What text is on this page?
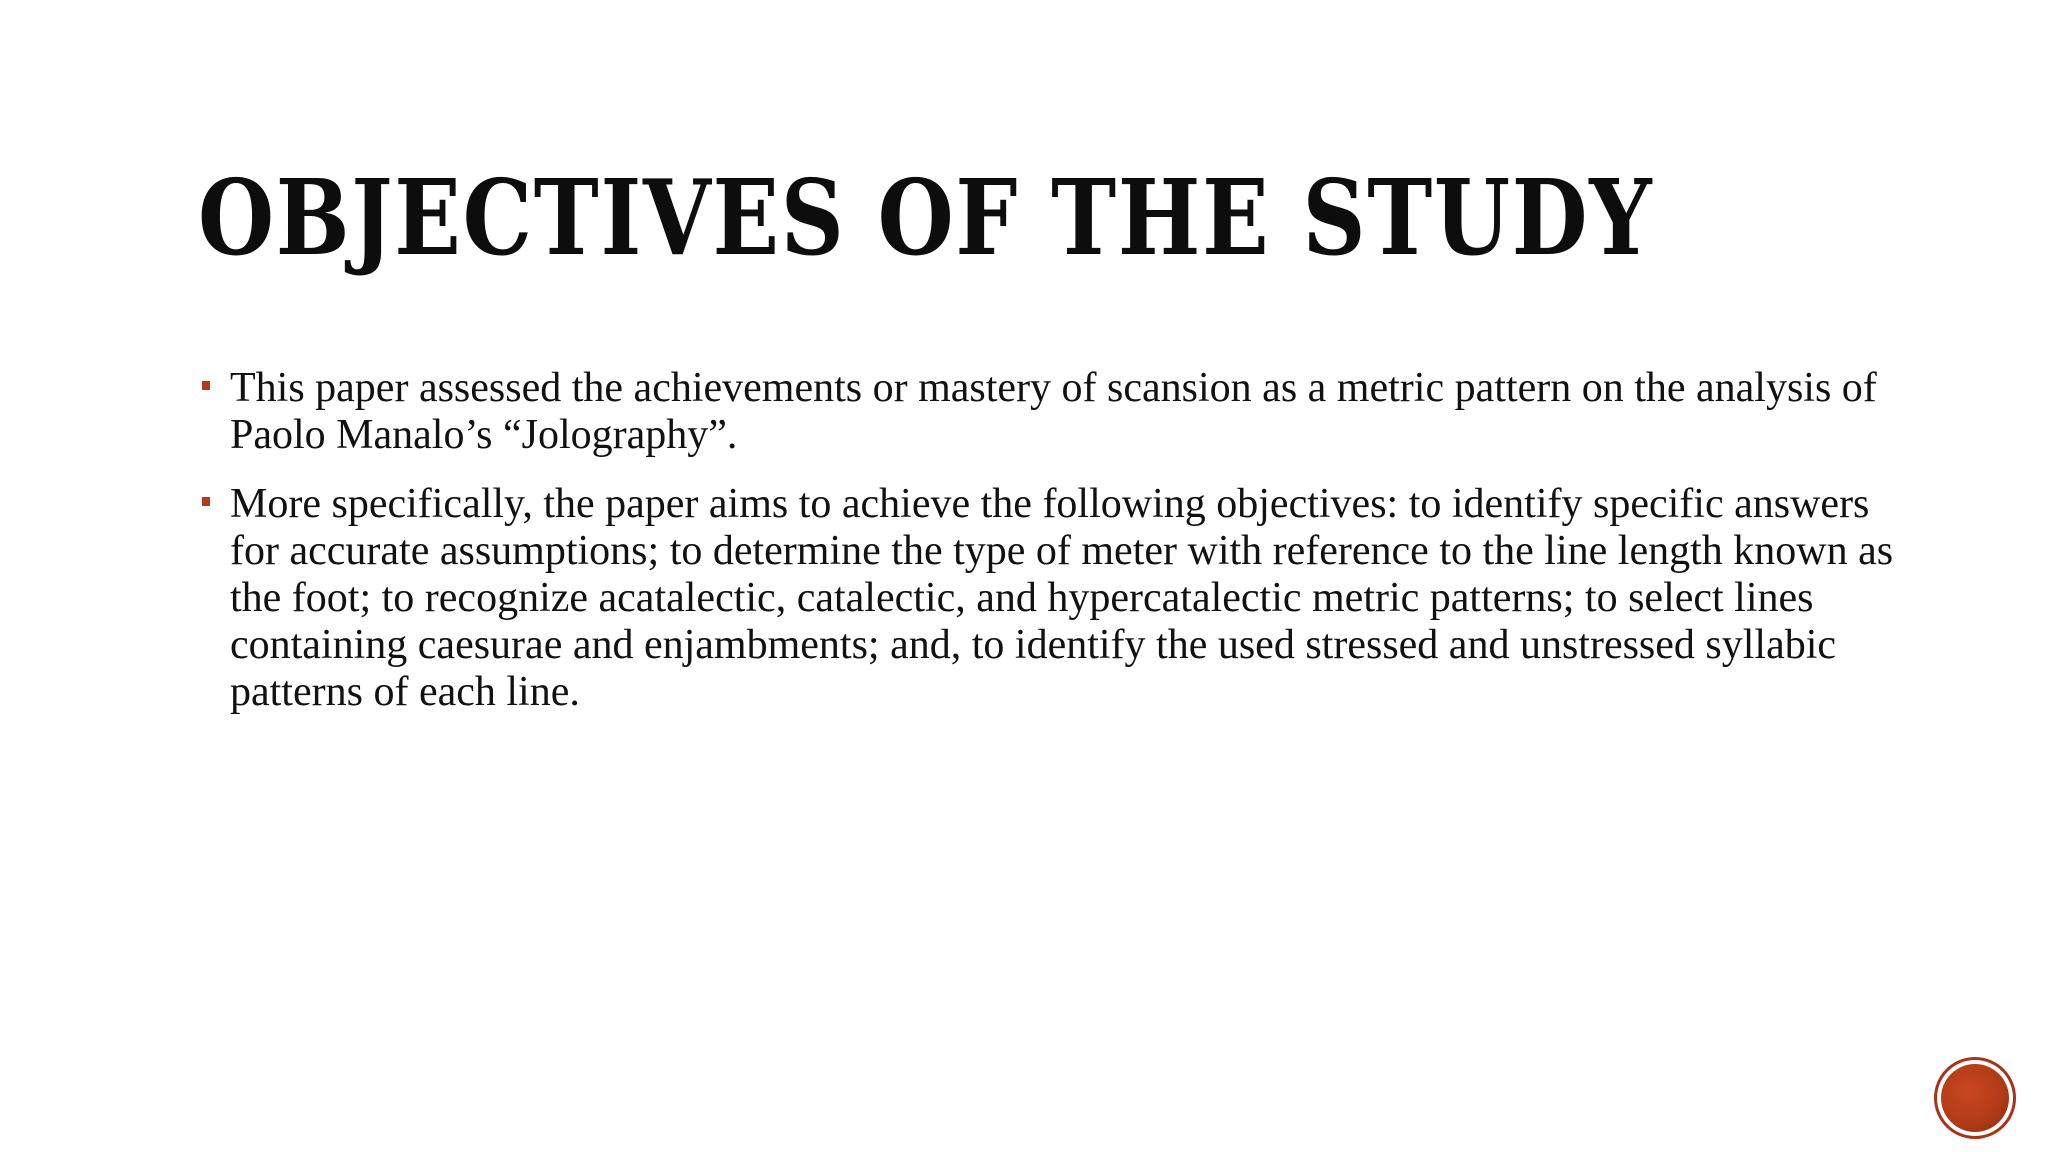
OBJECTIVES OF THE STUDY
This paper assessed the achievements or mastery of scansion as a metric pattern on the analysis of Paolo Manalo’s “Jolography”.
More specifically, the paper aims to achieve the following objectives: to identify specific answers for accurate assumptions; to determine the type of meter with reference to the line length known as the foot; to recognize acatalectic, catalectic, and hypercatalectic metric patterns; to select lines containing caesurae and enjambments; and, to identify the used stressed and unstressed syllabic patterns of each line.
